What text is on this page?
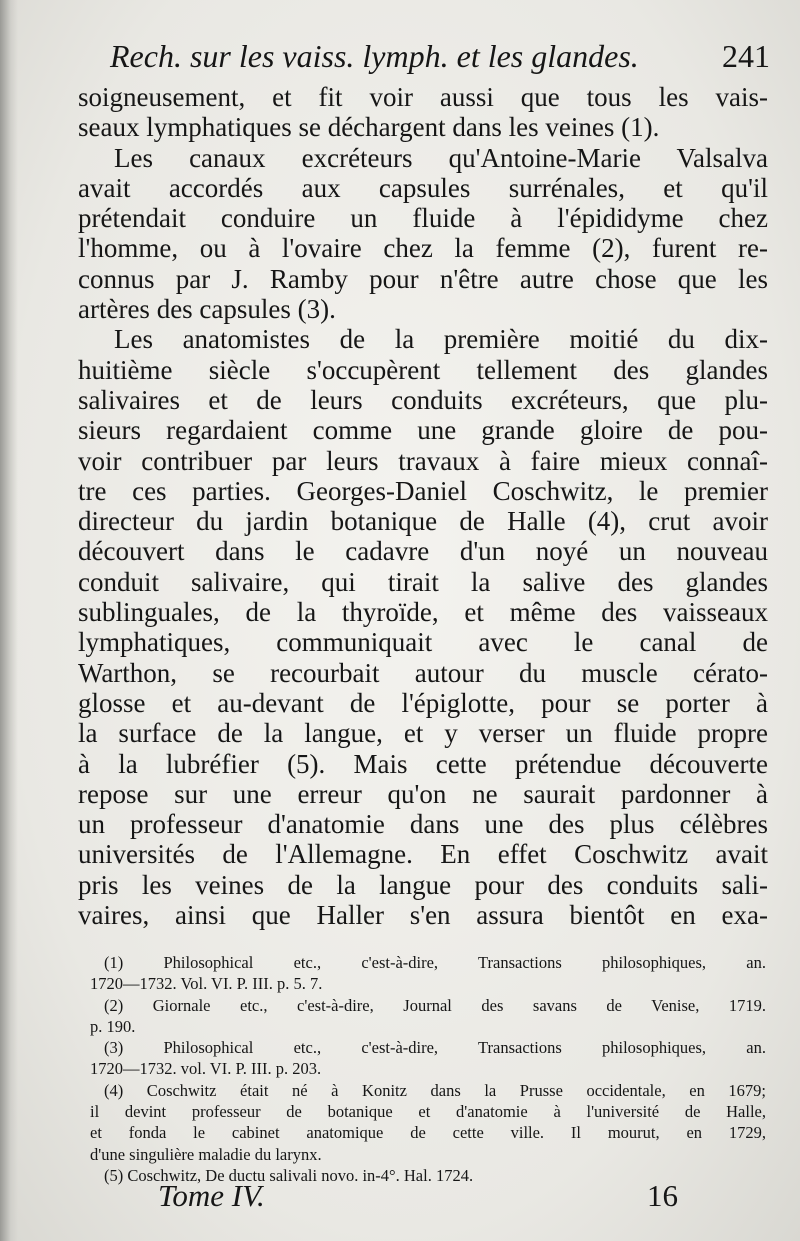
Rech. sur les vaiss. lymph. et les glandes.	241
soigneusement, et fit voir aussi que tous les vais-
seaux lymphatiques se déchargent dans les veines (1).
Les canaux excréteurs qu'Antoine-Marie Valsalva
avait accordés aux capsules surrénales, et qu'il
prétendait conduire un fluide à l'épididyme chez
l'homme, ou à l'ovaire chez la femme (2), furent re-
connus par J. Ramby pour n'être autre chose que les
artères des capsules (3).
Les anatomistes de la première moitié du dix-
huitième siècle s'occupèrent tellement des glandes
salivaires et de leurs conduits excréteurs, que plu-
sieurs regardaient comme une grande gloire de pou-
voir contribuer par leurs travaux à faire mieux connaî-
tre ces parties. Georges-Daniel Coschwitz, le premier
directeur du jardin botanique de Halle (4), crut avoir
découvert dans le cadavre d'un noyé un nouveau
conduit salivaire, qui tirait la salive des glandes
sublinguales, de la thyroïde, et même des vaisseaux
lymphatiques, communiquait avec le canal de
Warthon, se recourbait autour du muscle cérato-
glosse et au-devant de l'épiglotte, pour se porter à
la surface de la langue, et y verser un fluide propre
à la lubréfier (5). Mais cette prétendue découverte
repose sur une erreur qu'on ne saurait pardonner à
un professeur d'anatomie dans une des plus célèbres
universités de l'Allemagne. En effet Coschwitz avait
pris les veines de la langue pour des conduits sali-
vaires, ainsi que Haller s'en assura bientôt en exa-
(1) Philosophical etc., c'est-à-dire, Transactions philosophiques, an.
1720—1732. Vol. VI. P. III. p. 5. 7.
(2) Giornale etc., c'est-à-dire, Journal des savans de Venise, 1719.
p. 190.
(3) Philosophical etc., c'est-à-dire, Transactions philosophiques, an.
1720—1732. vol. VI. P. III. p. 203.
(4) Coschwitz était né à Konitz dans la Prusse occidentale, en 1679;
il devint professeur de botanique et d'anatomie à l'université de Halle,
et fonda le cabinet anatomique de cette ville. Il mourut, en 1729,
d'une singulière maladie du larynx.
(5) Coschwitz, De ductu salivali novo. in-4°. Hal. 1724.
Tome IV.	16
